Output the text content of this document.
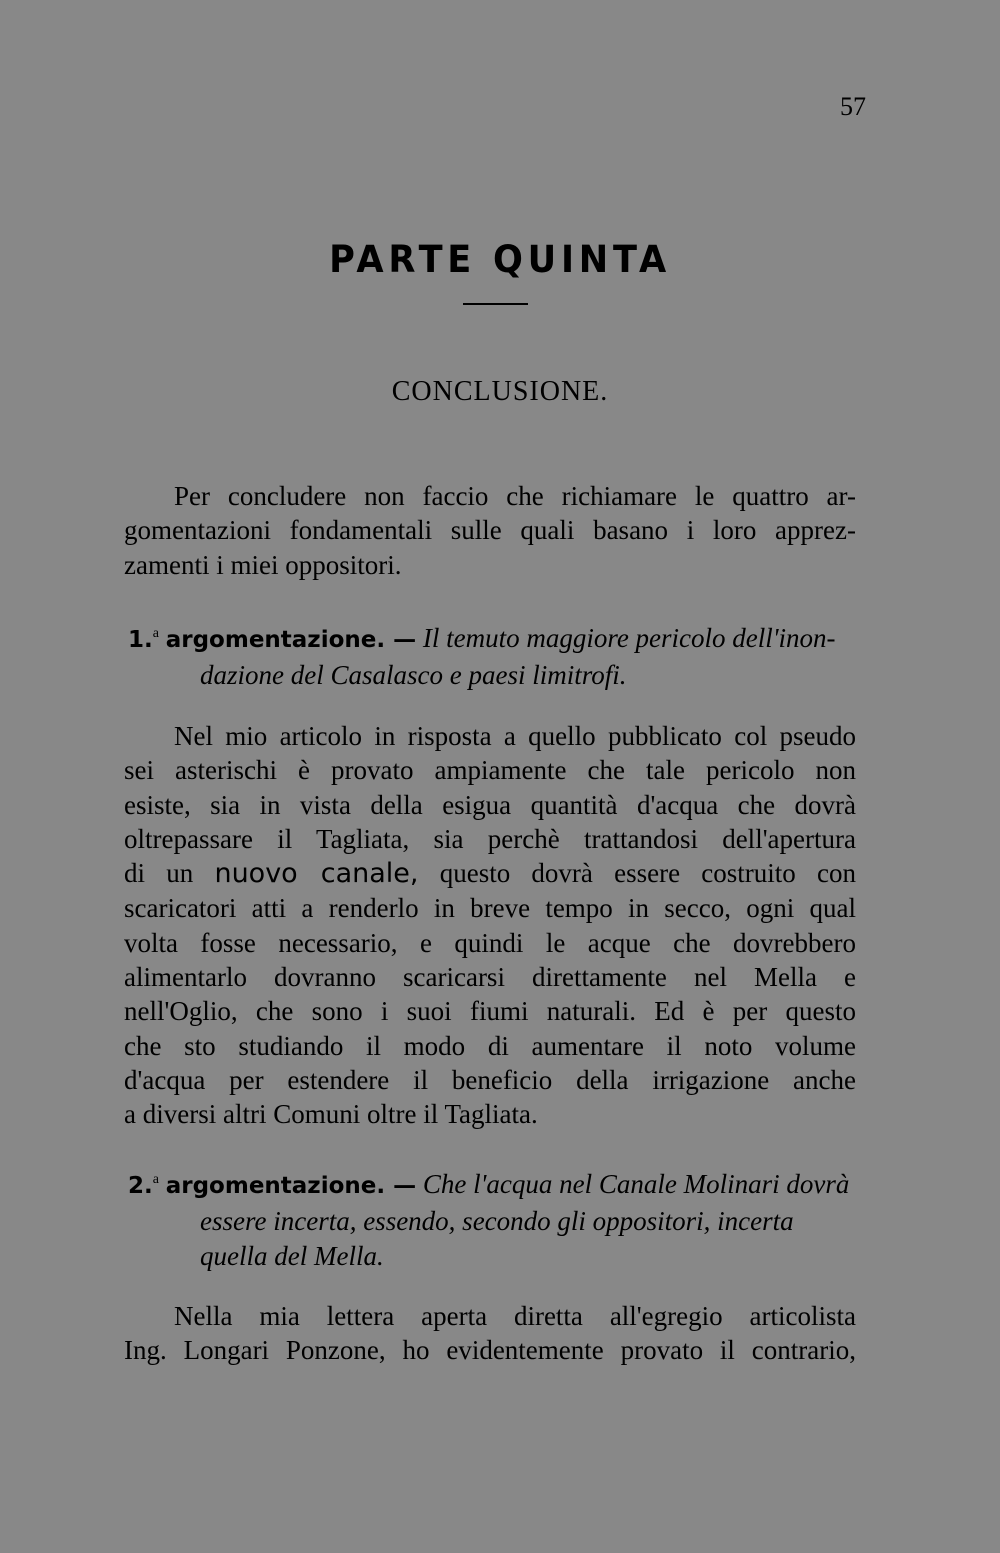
57
PARTE QUINTA
CONCLUSIONE.
Per concludere non faccio che richiamare le quattro ar-
gomentazioni fondamentali sulle quali basano i loro apprez-
zamenti i miei oppositori.
1.$^a$ argomentazione. — Il temuto maggiore pericolo dell'inon-
dazione del Casalasco e paesi limitrofi.
Nel mio articolo in risposta a quello pubblicato col pseudo
sei asterischi è provato ampiamente che tale pericolo non
esiste, sia in vista della esigua quantità d'acqua che dovrà
oltrepassare il Tagliata, sia perchè trattandosi dell'apertura
di un nuovo canale, questo dovrà essere costruito con
scaricatori atti a renderlo in breve tempo in secco, ogni qual
volta fosse necessario, e quindi le acque che dovrebbero
alimentarlo dovranno scaricarsi direttamente nel Mella e
nell'Oglio, che sono i suoi fiumi naturali. Ed è per questo
che sto studiando il modo di aumentare il noto volume
d'acqua per estendere il beneficio della irrigazione anche
a diversi altri Comuni oltre il Tagliata.
2.$^a$ argomentazione. — Che l'acqua nel Canale Molinari dovrà
essere incerta, essendo, secondo gli oppositori, incerta
quella del Mella.
Nella mia lettera aperta diretta all'egregio articolista
Ing. Longari Ponzone, ho evidentemente provato il contrario,
